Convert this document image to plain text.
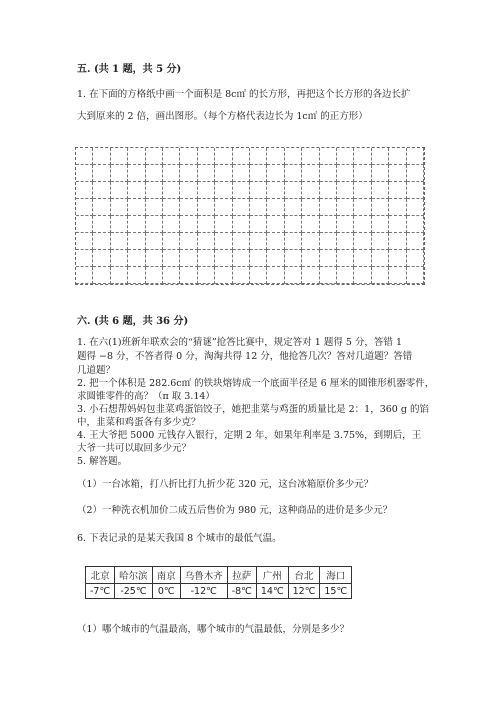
五. (共 1 题，共 5 分)
1. 在下面的方格纸中画一个面积是 8c㎡ 的长方形，再把这个长方形的各边长扩
大到原来的 2 倍，画出图形。（每个方格代表边长为 1c㎡ 的正方形）
六. (共 6 题，共 36 分)
1. 在六(1)班新年联欢会的“猜谜”抢答比赛中，规定答对 1 题得 5 分，答错 1
题得 −8 分，不答者得 0 分，淘淘共得 12 分，他抢答几次？答对几道题？答错
几道题？
2. 把一个体积是 282.6c㎡ 的铁块熔铸成一个底面半径是 6 厘米的圆锥形机器零件，
求圆锥零件的高？（π 取 3.14）
3. 小石想帮妈妈包韭菜鸡蛋馅饺子，她把韭菜与鸡蛋的质量比是 2：1，360 g 的馅
中，韭菜和鸡蛋各有多少克？
4. 王大爷把 5000 元钱存入银行，定期 2 年，如果年利率是 3.75%，到期后，王
大爷一共可以取回多少元？
5. 解答题。
（1）一台冰箱，打八折比打九折少花 320 元，这台冰箱原价多少元？
（2）一种洗衣机加价二成五后售价为 980 元，这种商品的进价是多少元？
6. 下表记录的是某天我国 8 个城市的最低气温。
北京	哈尔滨	南京	乌鲁木齐	拉萨	广州	台北	海口
-7℃	-25℃	0℃	-12℃	-8℃	14℃	12℃	15℃
（1）哪个城市的气温最高，哪个城市的气温最低，分别是多少？
